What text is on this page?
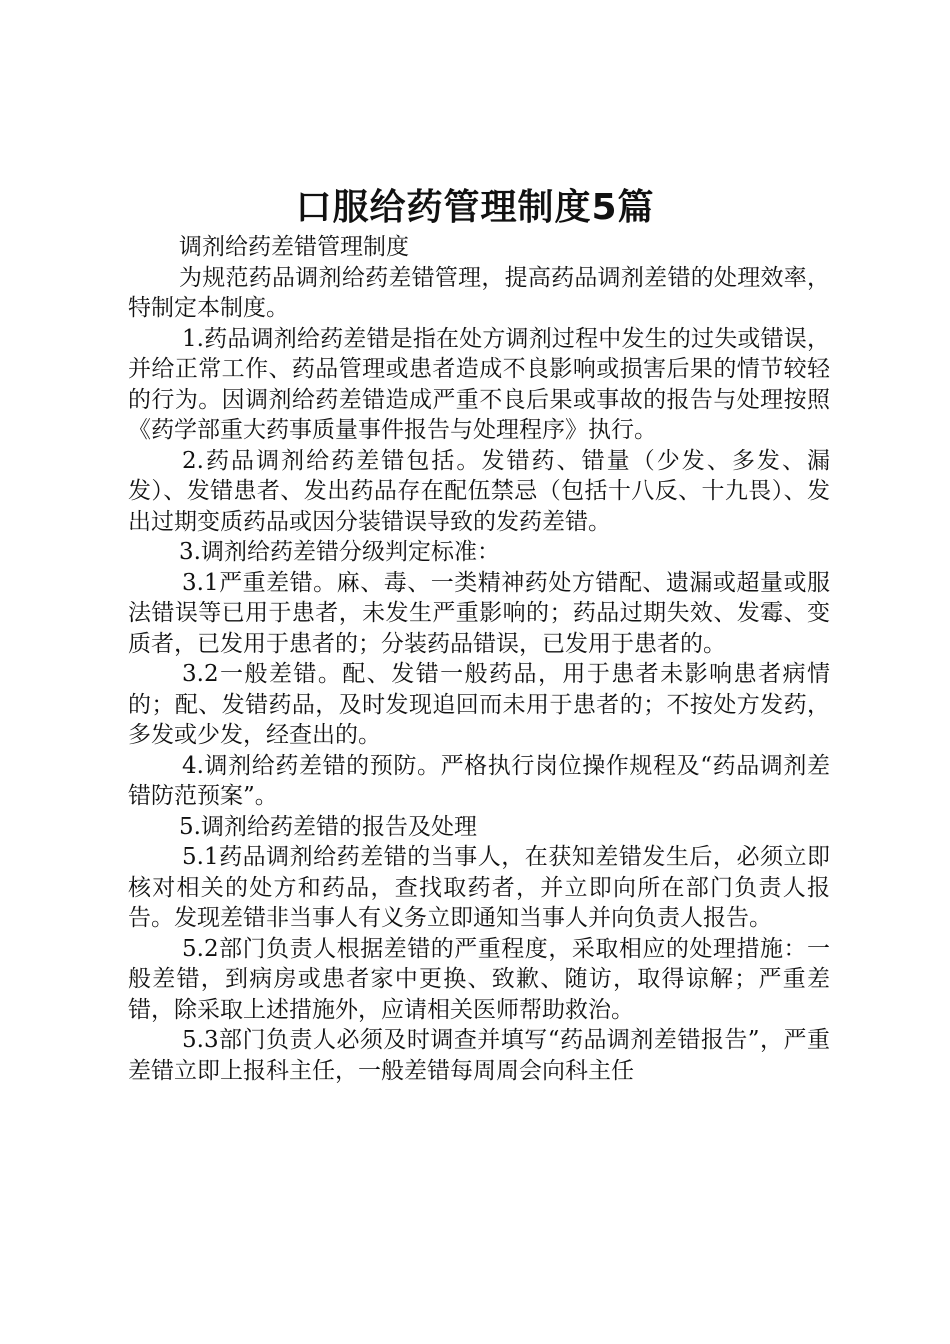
口服给药管理制度5篇

调剂给药差错管理制度

为规范药品调剂给药差错管理，提高药品调剂差错的处理效率，特制定本制度。

1.药品调剂给药差错是指在处方调剂过程中发生的过失或错误，并给正常工作、药品管理或患者造成不良影响或损害后果的情节较轻的行为。因调剂给药差错造成严重不良后果或事故的报告与处理按照《药学部重大药事质量事件报告与处理程序》执行。

2.药品调剂给药差错包括。发错药、错量（少发、多发、漏发）、发错患者、发出药品存在配伍禁忌（包括十八反、十九畏）、发出过期变质药品或因分装错误导致的发药差错。

3.调剂给药差错分级判定标准：

3.1严重差错。麻、毒、一类精神药处方错配、遗漏或超量或服法错误等已用于患者，未发生严重影响的；药品过期失效、发霉、变质者，已发用于患者的；分装药品错误，已发用于患者的。

3.2一般差错。配、发错一般药品，用于患者未影响患者病情的；配、发错药品，及时发现追回而未用于患者的；不按处方发药，多发或少发，经查出的。

4.调剂给药差错的预防。严格执行岗位操作规程及“药品调剂差错防范预案”。

5.调剂给药差错的报告及处理

5.1药品调剂给药差错的当事人，在获知差错发生后，必须立即核对相关的处方和药品，查找取药者，并立即向所在部门负责人报告。发现差错非当事人有义务立即通知当事人并向负责人报告。

5.2部门负责人根据差错的严重程度，采取相应的处理措施：一般差错，到病房或患者家中更换、致歉、随访，取得谅解；严重差错，除采取上述措施外，应请相关医师帮助救治。

5.3部门负责人必须及时调查并填写“药品调剂差错报告”，严重差错立即上报科主任，一般差错每周周会向科主任
